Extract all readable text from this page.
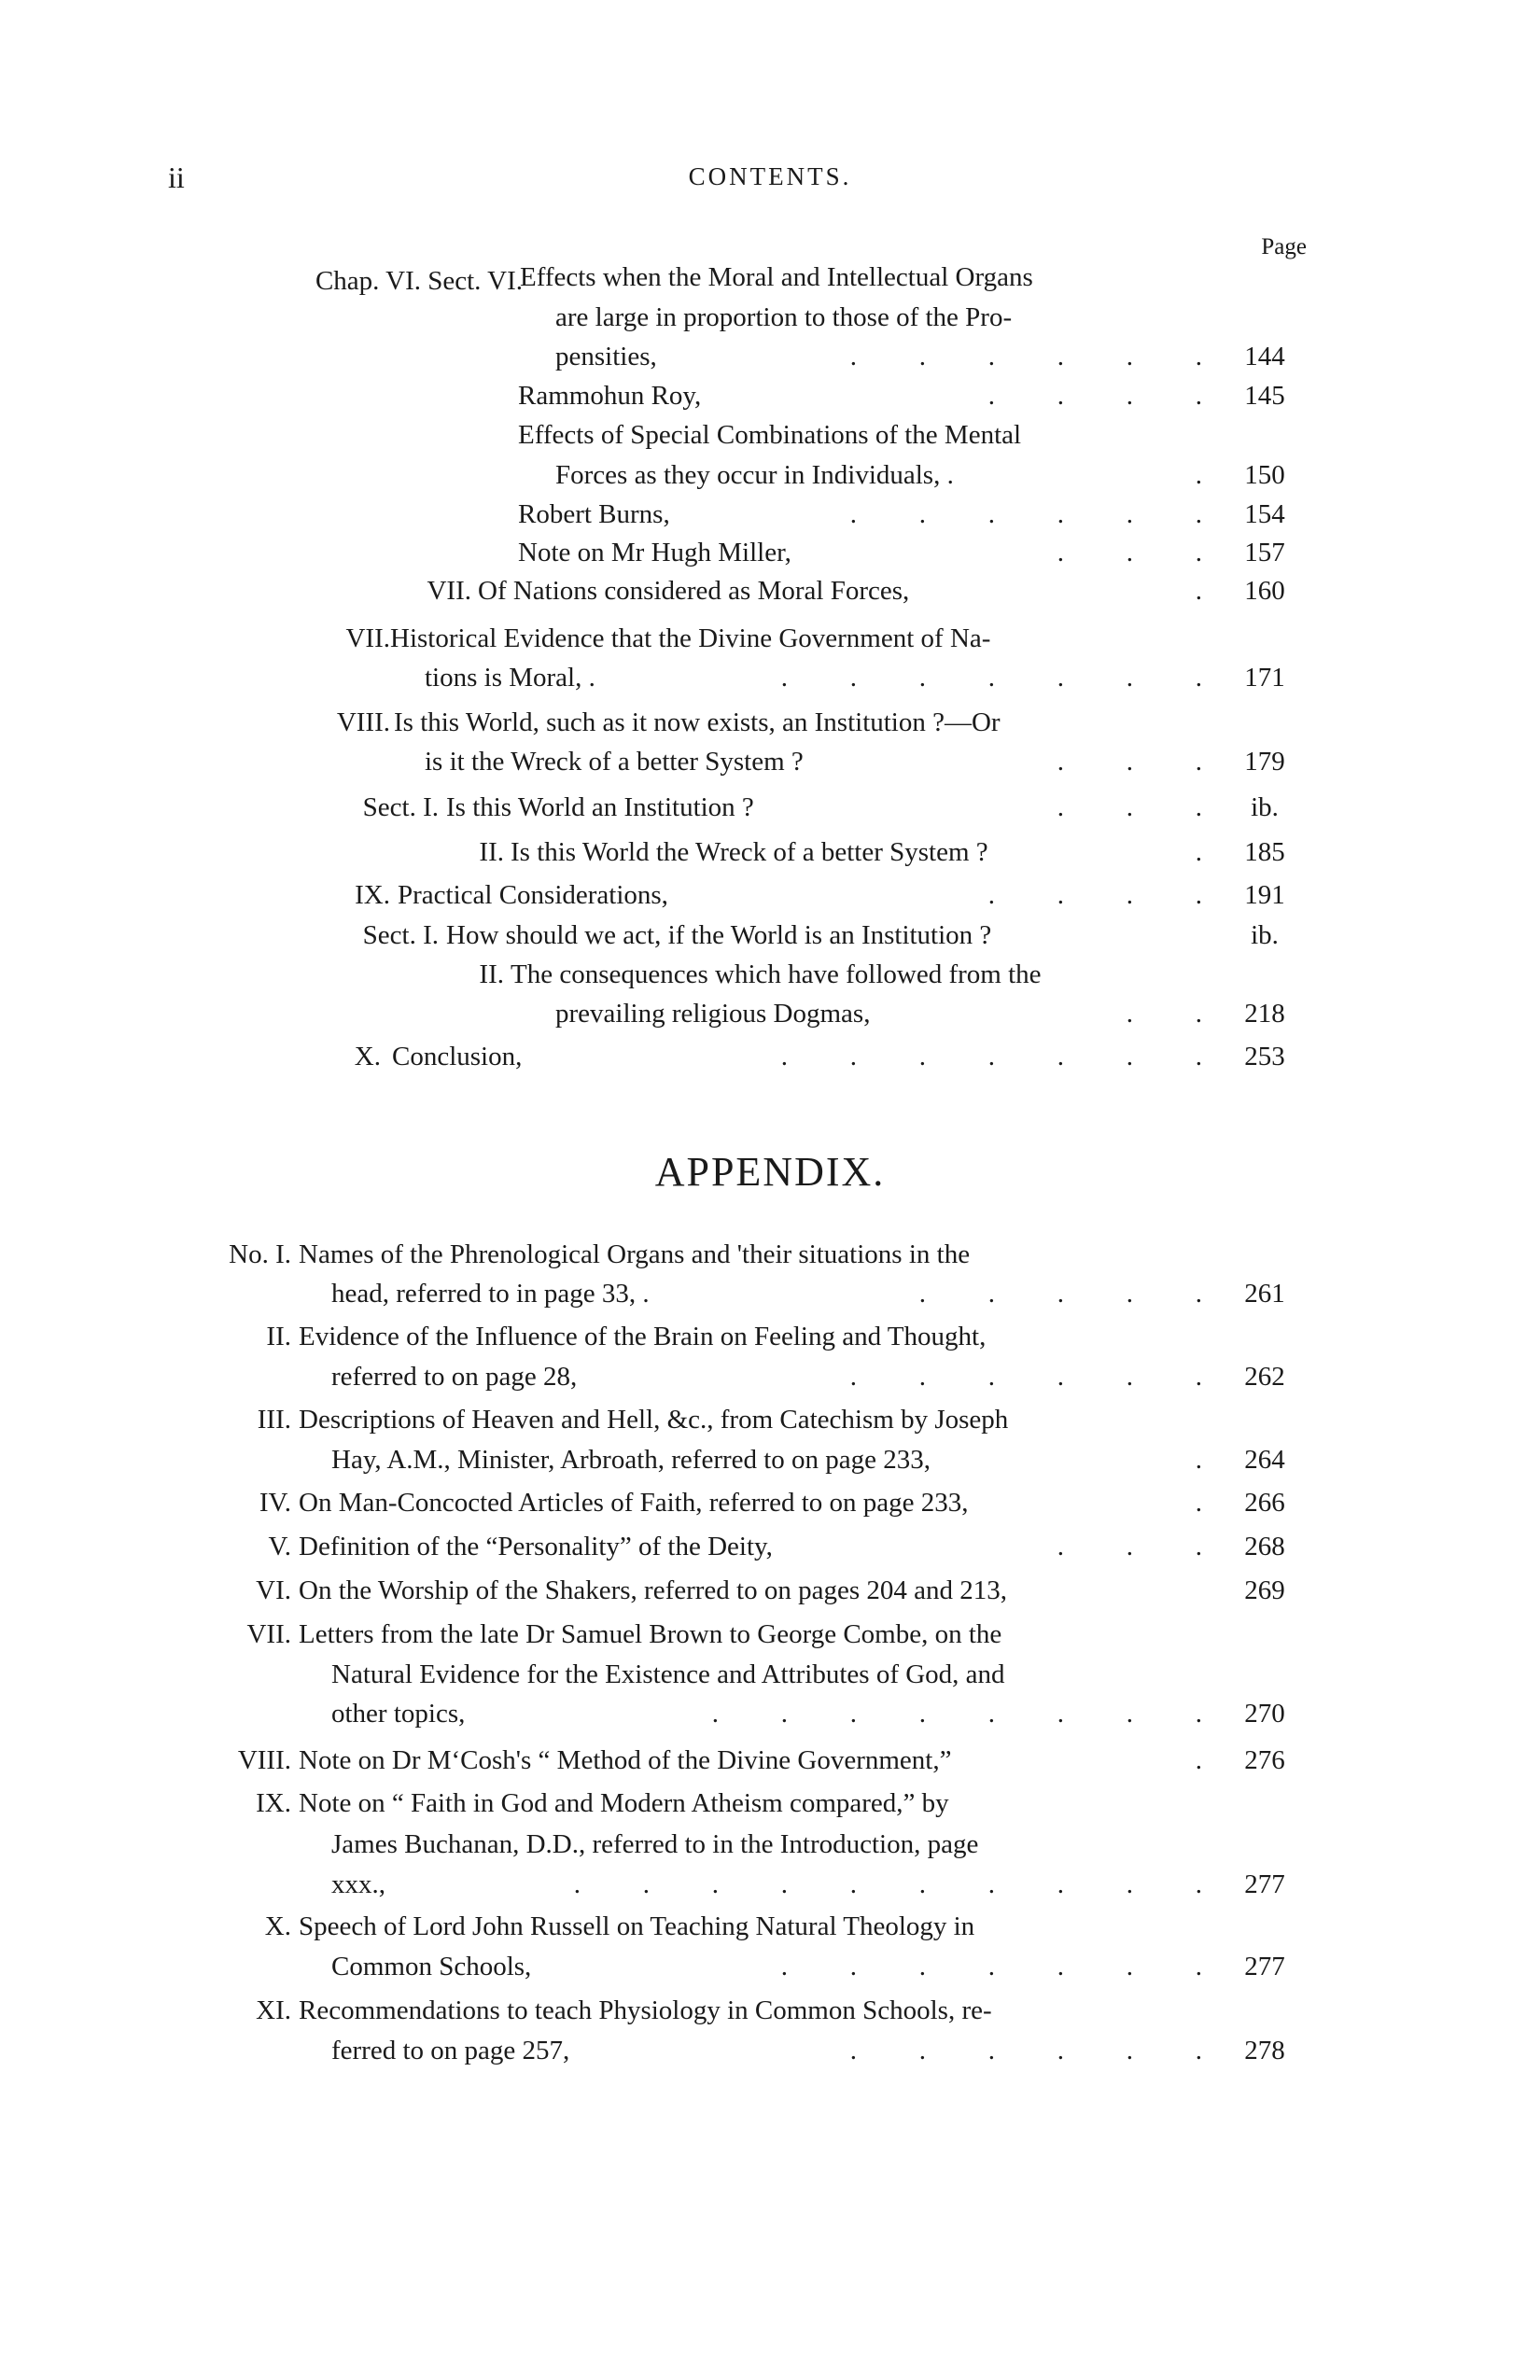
ii	CONTENTS.
Page
Chap. VI. Sect. VI.
Effects when the Moral and Intellectual Organs
are large in proportion to those of the Pro-
pensities,	.       .       .       .       .       .	144
Rammohun Roy,	.       .       .       .	145
Effects of Special Combinations of the Mental
Forces as they occur in Individuals, .	.	150
Robert Burns,	.       .       .       .       .       .	154
Note on Mr Hugh Miller,	.       .       .	157
VII. Of Nations considered as Moral Forces,	.	160
VII. Historical Evidence that the Divine Government of Na-
tions is Moral, .	.       .       .       .       .       .       .	171
VIII. Is this World, such as it now exists, an Institution ?—Or
is it the Wreck of a better System ?	.       .       .	179
Sect. I. Is this World an Institution ?	.       .       .	ib.
II. Is this World the Wreck of a better System ?	.	185
IX. Practical Considerations,	.       .       .       .	191
Sect. I. How should we act, if the World is an Institution ?	ib.
II. The consequences which have followed from the
prevailing religious Dogmas,	.       .	218
X. Conclusion,	.       .       .       .       .       .       .	253
APPENDIX.
No. I. Names of the Phrenological Organs and 'their situations in the
head, referred to in page 33, .	.       .       .       .       .	261
II. Evidence of the Influence of the Brain on Feeling and Thought,
referred to on page 28,	.       .       .       .       .       .	262
III. Descriptions of Heaven and Hell, &c., from Catechism by Joseph
Hay, A.M., Minister, Arbroath, referred to on page 233,	.	264
IV. On Man-Concocted Articles of Faith, referred to on page 233,	.	266
V. Definition of the “Personality” of the Deity,	.       .       .	268
VI. On the Worship of the Shakers, referred to on pages 204 and 213,	269
VII. Letters from the late Dr Samuel Brown to George Combe, on the
Natural Evidence for the Existence and Attributes of God, and
other topics,	.       .       .       .       .       .       .       .	270
VIII. Note on Dr M‘Cosh's “ Method of the Divine Government,”	.	276
IX. Note on “ Faith in God and Modern Atheism compared,” by
James Buchanan, D.D., referred to in the Introduction, page
xxx.,	.       .       .       .       .       .       .       .       .       .	277
X. Speech of Lord John Russell on Teaching Natural Theology in
Common Schools,	.       .       .       .       .       .       .	277
XI. Recommendations to teach Physiology in Common Schools, re-
ferred to on page 257,	.       .       .       .       .       .	278
